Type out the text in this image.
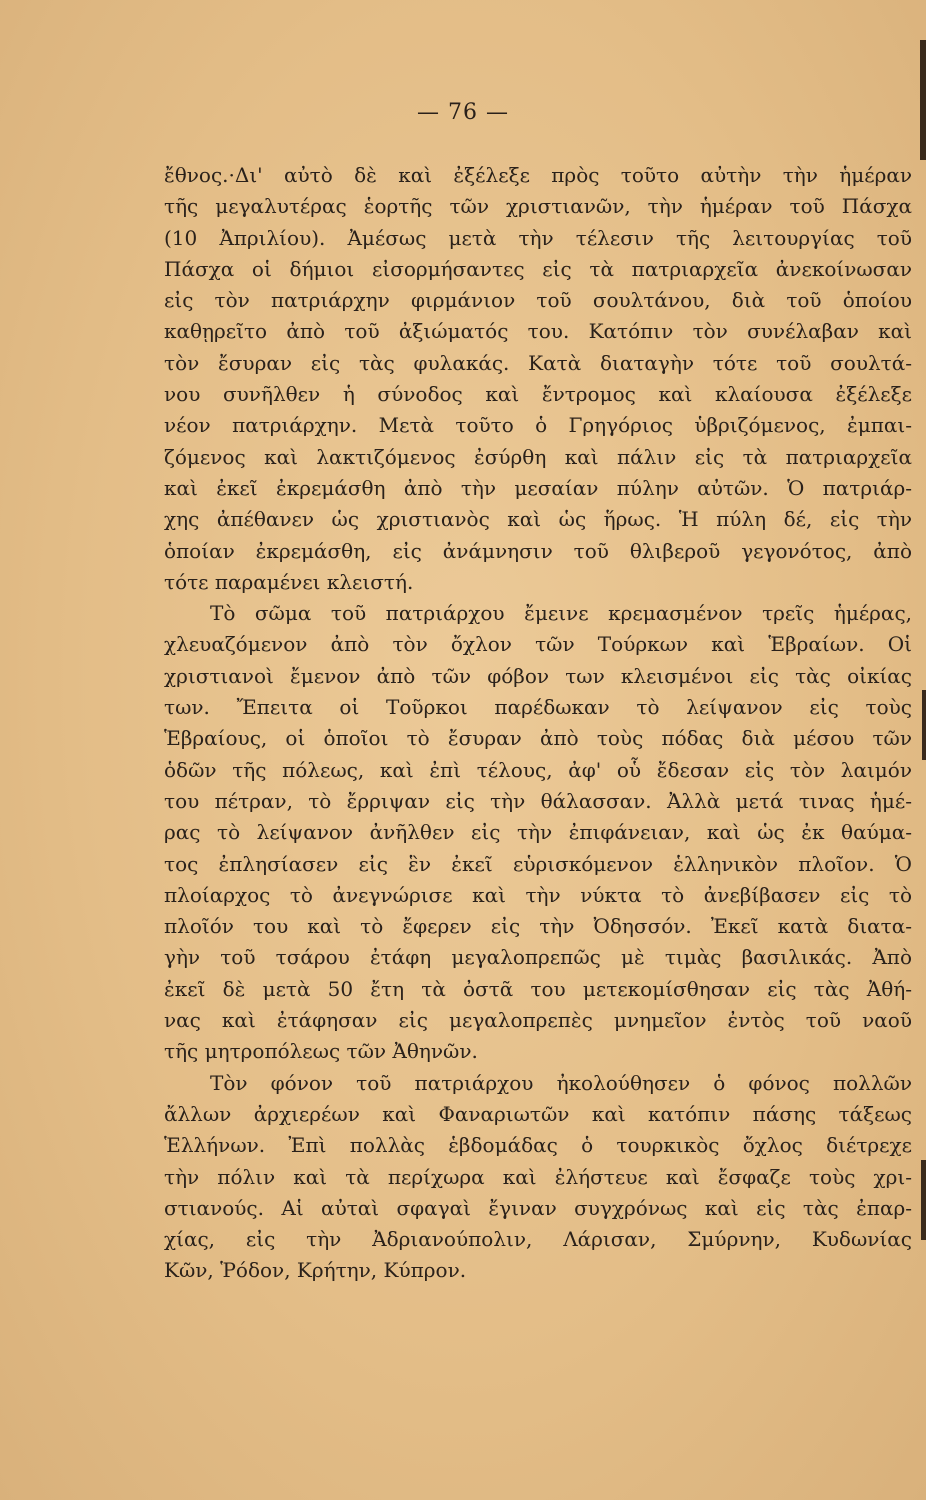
— 76 —
ἔθνος.·Δι' αὐτὸ δὲ καὶ ἐξέλεξε πρὸς τοῦτο αὐτὴν τὴν ἡμέραν
τῆς μεγαλυτέρας ἑορτῆς τῶν χριστιανῶν, τὴν ἡμέραν τοῦ Πάσχα
(10 Ἀπριλίου). Ἀμέσως μετὰ τὴν τέλεσιν τῆς λειτουργίας τοῦ
Πάσχα οἱ δήμιοι εἰσορμήσαντες εἰς τὰ πατριαρχεῖα ἀνεκοίνωσαν
εἰς τὸν πατριάρχην φιρμάνιον τοῦ σουλτάνου, διὰ τοῦ ὁποίου
καθῃρεῖτο ἀπὸ τοῦ ἀξιώματός του. Κατόπιν τὸν συνέλαβαν καὶ
τὸν ἔσυραν εἰς τὰς φυλακάς. Κατὰ διαταγὴν τότε τοῦ σουλτά-
νου συνῆλθεν ἡ σύνοδος καὶ ἔντρομος καὶ κλαίουσα ἐξέλεξε
νέον πατριάρχην. Μετὰ τοῦτο ὁ Γρηγόριος ὑβριζόμενος, ἐμπαι-
ζόμενος καὶ λακτιζόμενος ἐσύρθη καὶ πάλιν εἰς τὰ πατριαρχεῖα
καὶ ἐκεῖ ἐκρεμάσθη ἀπὸ τὴν μεσαίαν πύλην αὐτῶν. Ὁ πατριάρ-
χης ἀπέθανεν ὡς χριστιανὸς καὶ ὡς ἥρως. Ἡ πύλη δέ, εἰς τὴν
ὁποίαν ἐκρεμάσθη, εἰς ἀνάμνησιν τοῦ θλιβεροῦ γεγονότος, ἀπὸ
τότε παραμένει κλειστή.
Τὸ σῶμα τοῦ πατριάρχου ἔμεινε κρεμασμένον τρεῖς ἡμέρας,
χλευαζόμενον ἀπὸ τὸν ὄχλον τῶν Τούρκων καὶ Ἑβραίων. Οἱ
χριστιανοὶ ἔμενον ἀπὸ τῶν φόβον των κλεισμένοι εἰς τὰς οἰκίας
των. Ἔπειτα οἱ Τοῦρκοι παρέδωκαν τὸ λείψανον εἰς τοὺς
Ἑβραίους, οἱ ὁποῖοι τὸ ἔσυραν ἀπὸ τοὺς πόδας διὰ μέσου τῶν
ὁδῶν τῆς πόλεως, καὶ ἐπὶ τέλους, ἀφ' οὗ ἔδεσαν εἰς τὸν λαιμόν
του πέτραν, τὸ ἔρριψαν εἰς τὴν θάλασσαν. Ἀλλὰ μετά τινας ἡμέ-
ρας τὸ λείψανον ἀνῆλθεν εἰς τὴν ἐπιφάνειαν, καὶ ὡς ἐκ θαύμα-
τος ἐπλησίασεν εἰς ἓν ἐκεῖ εὑρισκόμενον ἑλληνικὸν πλοῖον. Ὁ
πλοίαρχος τὸ ἀνεγνώρισε καὶ τὴν νύκτα τὸ ἀνεβίβασεν εἰς τὸ
πλοῖόν του καὶ τὸ ἔφερεν εἰς τὴν Ὀδησσόν. Ἐκεῖ κατὰ διατα-
γὴν τοῦ τσάρου ἐτάφη μεγαλοπρεπῶς μὲ τιμὰς βασιλικάς. Ἀπὸ
ἐκεῖ δὲ μετὰ 50 ἔτη τὰ ὀστᾶ του μετεκομίσθησαν εἰς τὰς Ἀθή-
νας καὶ ἐτάφησαν εἰς μεγαλοπρεπὲς μνημεῖον ἐντὸς τοῦ ναοῦ
τῆς μητροπόλεως τῶν Ἀθηνῶν.
Τὸν φόνον τοῦ πατριάρχου ἠκολούθησεν ὁ φόνος πολλῶν
ἄλλων ἀρχιερέων καὶ Φαναριωτῶν καὶ κατόπιν πάσης τάξεως
Ἑλλήνων. Ἐπὶ πολλὰς ἑβδομάδας ὁ τουρκικὸς ὄχλος διέτρεχε
τὴν πόλιν καὶ τὰ περίχωρα καὶ ἐλήστευε καὶ ἔσφαζε τοὺς χρι-
στιανούς. Αἱ αὐταὶ σφαγαὶ ἔγιναν συγχρόνως καὶ εἰς τὰς ἐπαρ-
χίας, εἰς τὴν Ἀδριανούπολιν, Λάρισαν, Σμύρνην, Κυδωνίας
Κῶν, Ῥόδον, Κρήτην, Κύπρον.
